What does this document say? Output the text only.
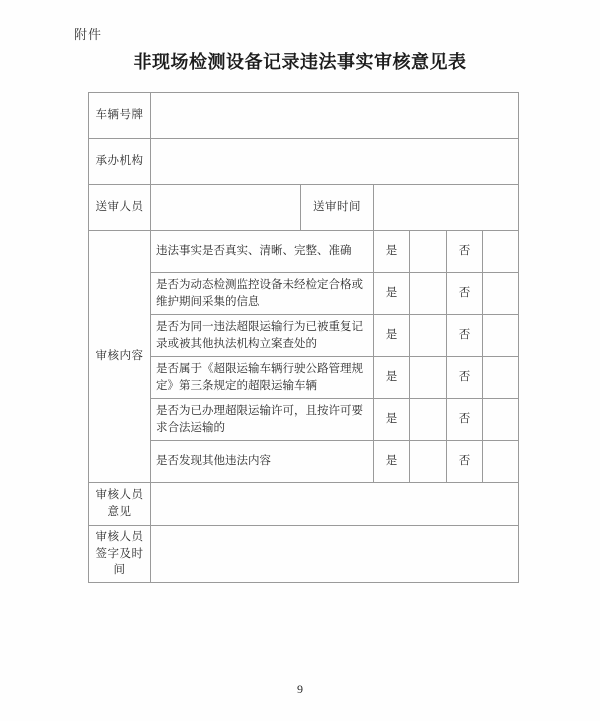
附件
非现场检测设备记录违法事实审核意见表
车辆号牌						
承办机构						
送审人员		送审时间				
审核内容	违法事实是否真实、清晰、完整、准确		是		否	
	是否为动态检测监控设备未经检定合格或维护期间采集的信息		是		否	
	是否为同一违法超限运输行为已被重复记录或被其他执法机构立案查处的		是		否	
	是否属于《超限运输车辆行驶公路管理规定》第三条规定的超限运输车辆		是		否	
	是否为已办理超限运输许可，且按许可要求合法运输的		是		否	
	是否发现其他违法内容		是		否	
审核人员
意见						
审核人员
签字及时
间						
9
